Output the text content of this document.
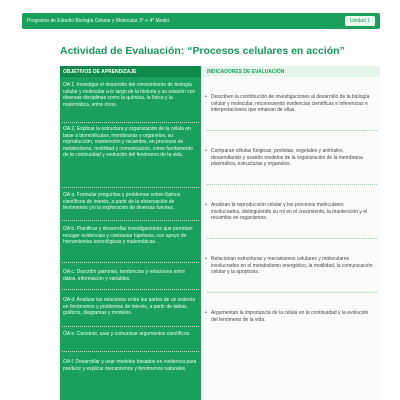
Programa de Estudio Biología Celular y Molecular 3° o 4° Medio	Unidad 1
Actividad de Evaluación: “Procesos celulares en acción”
OBJETIVOS DE APRENDIZAJE
OA 1. Investigar el desarrollo del conocimiento de biología celular y molecular a lo largo de la historia y su relación con diversas disciplinas como la química, la física y la matemática, entre otros.
OA 2. Explicar la estructura y organización de la célula en base a biomoléculas, membranas y organelos, su reproducción, mantención y recambio, en procesos de metabolismo, motilidad y comunicación, como fundamento de la continuidad y evolución del fenómeno de la vida.
OA a. Formular preguntas y problemas sobre tópicos científicos de interés, a partir de la observación de fenómenos y/o la exploración de diversas fuentes.
OA b. Planificar y desarrollar investigaciones que permitan recoger evidencias y contrastar hipótesis, con apoyo de herramientas tecnológicas y matemáticas.
OA c. Describir patrones, tendencias y relaciones entre datos, información y variables.
OA d. Analizar las relaciones entre las partes de un sistema en fenómenos y problemas de interés, a partir de tablas, gráficos, diagramas y modelos.
OA e. Construir, usar y comunicar argumentos científicos.
OA f. Desarrollar y usar modelos basados en evidencia para predecir y explicar mecanismos y fenómenos naturales.
INDICADORES DE EVALUACIÓN
• Describen la contribución de investigaciones al desarrollo de la biología celular y molecular, reconociendo evidencias científicas e inferencias e interpretaciones que emanan de ellas.
• Comparan células fúngicas, protistas, vegetales y animales, desarrollando y usando modelos de la organización de la membrana plasmática, estructuras y organelos.
• Analizan la reproducción celular y los procesos moleculares involucrados, distinguiendo su rol en el crecimiento, la mantención y el recambio en organismos.
• Relacionan estructuras y mecanismos celulares y moleculares involucrados en el metabolismo energético, la motilidad, la comunicación celular y la apoptosis.
• Argumentan la importancia de la célula en la continuidad y la evolución del fenómeno de la vida.
